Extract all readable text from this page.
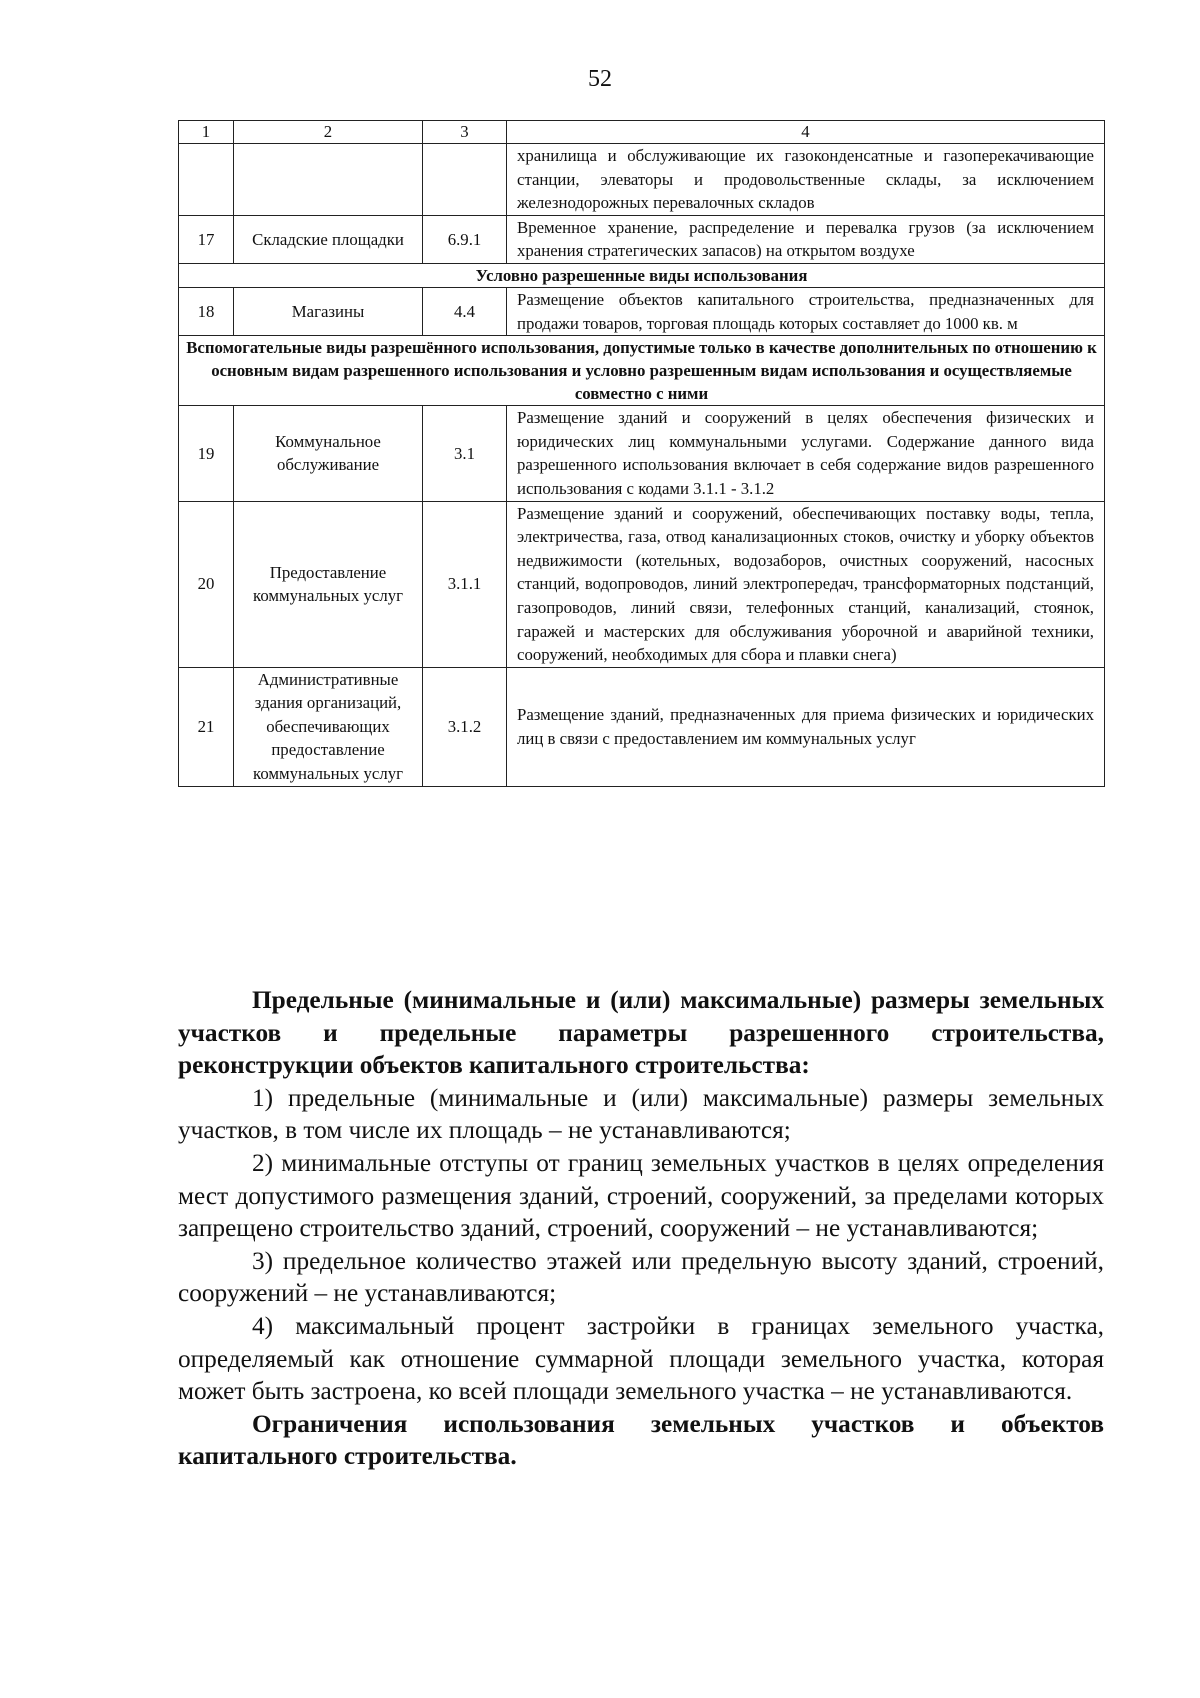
52
1	2	3	4
			хранилища и обслуживающие их газоконденсатные и газоперекачивающие станции, элеваторы и продовольственные склады, за исключением железнодорожных перевалочных складов
17	Складские площадки	6.9.1	Временное хранение, распределение и перевалка грузов (за исключением хранения стратегических запасов) на открытом воздухе
Условно разрешенные виды использования			
18	Магазины	4.4	Размещение объектов капитального строительства, предназначенных для продажи товаров, торговая площадь которых составляет до 1000 кв. м
Вспомогательные виды разрешённого использования, допустимые только в качестве дополнительных по отношению к основным видам разрешенного использования и условно разрешенным видам использования и осуществляемые совместно с ними			
19	Коммунальное обслуживание	3.1	Размещение зданий и сооружений в целях обеспечения физических и юридических лиц коммунальными услугами. Содержание данного вида разрешенного использования включает в себя содержание видов разрешенного использования с кодами 3.1.1 - 3.1.2
20	Предоставление коммунальных услуг	3.1.1	Размещение зданий и сооружений, обеспечивающих поставку воды, тепла, электричества, газа, отвод канализационных стоков, очистку и уборку объектов недвижимости (котельных, водозаборов, очистных сооружений, насосных станций, водопроводов, линий электропередач, трансформаторных подстанций, газопроводов, линий связи, телефонных станций, канализаций, стоянок, гаражей и мастерских для обслуживания уборочной и аварийной техники, сооружений, необходимых для сбора и плавки снега)
21	Административные здания организаций, обеспечивающих предоставление коммунальных услуг	3.1.2	Размещение зданий, предназначенных для приема физических и юридических лиц в связи с предоставлением им коммунальных услуг

Предельные (минимальные и (или) максимальные) размеры земельных участков и предельные параметры разрешенного строительства, реконструкции объектов капитального строительства:

1) предельные (минимальные и (или) максимальные) размеры земельных участков, в том числе их площадь – не устанавливаются;

2) минимальные отступы от границ земельных участков в целях определения мест допустимого размещения зданий, строений, сооружений, за пределами которых запрещено строительство зданий, строений, сооружений – не устанавливаются;

3) предельное количество этажей или предельную высоту зданий, строений, сооружений – не устанавливаются;

4) максимальный процент застройки в границах земельного участка, определяемый как отношение суммарной площади земельного участка, которая может быть застроена, ко всей площади земельного участка – не устанавливаются.

Ограничения использования земельных участков и объектов капитального строительства.
